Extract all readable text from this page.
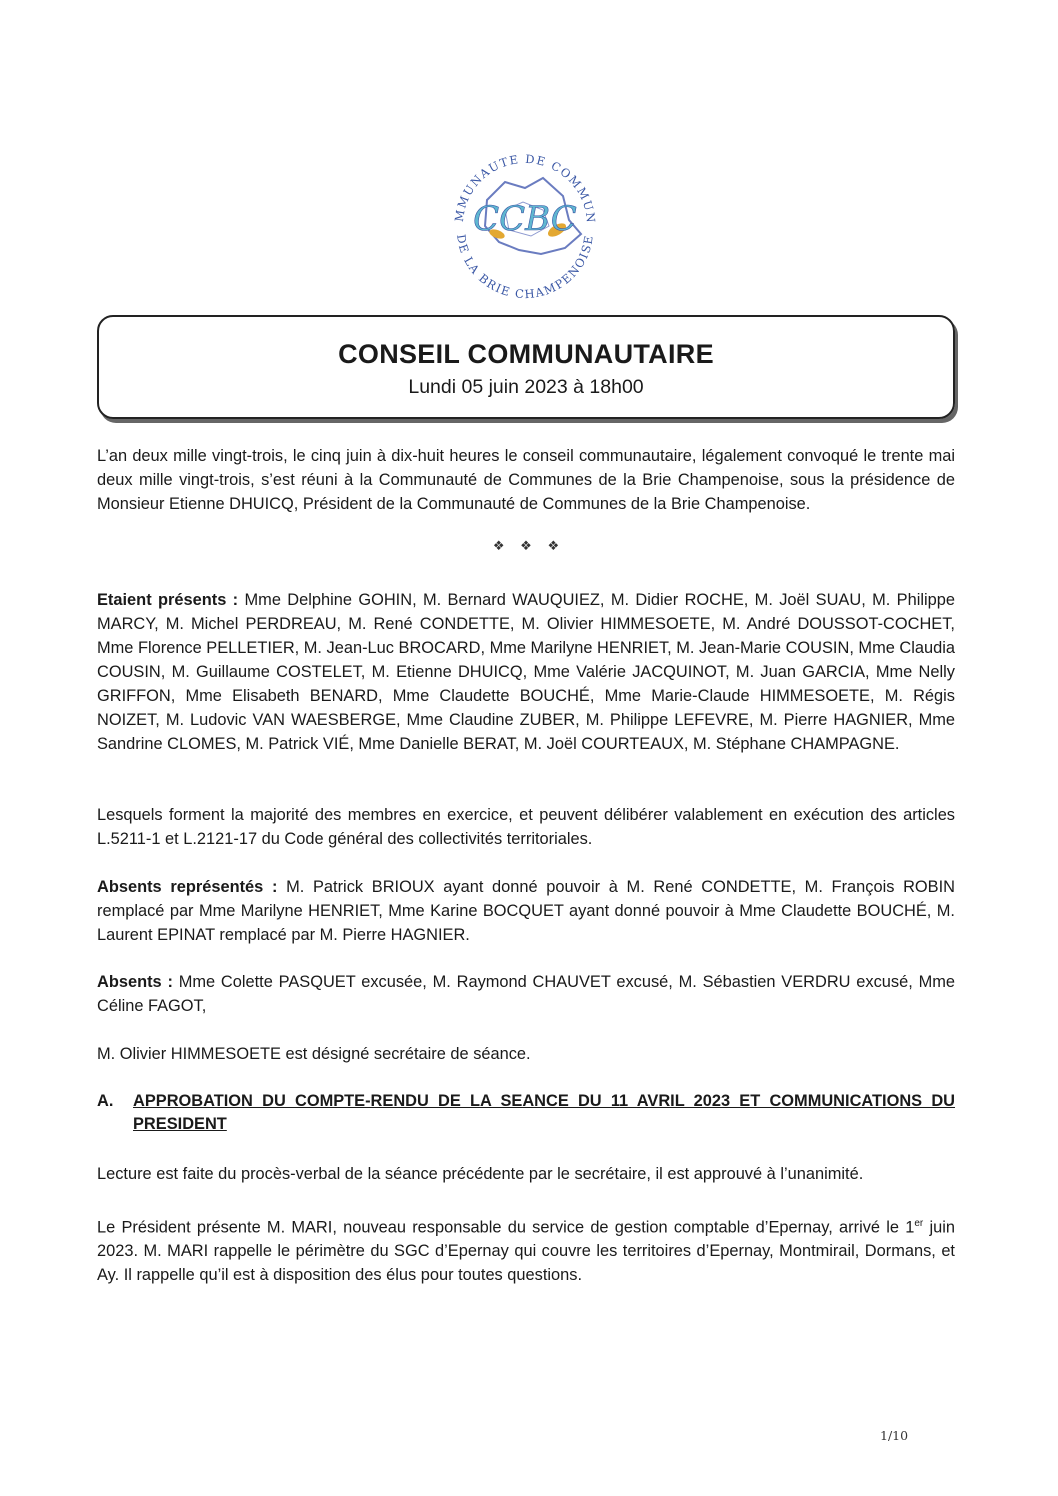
CCBC
MMUNAUTE DE COMMUN
DE LA BRIE CHAMPENOISE
CONSEIL COMMUNAUTAIRE
Lundi 05 juin 2023 à 18h00

L’an deux mille vingt-trois, le cinq juin à dix-huit heures le conseil communautaire, légalement convoqué le trente mai deux mille vingt-trois, s’est réuni à la Communauté de Communes de la Brie Champenoise, sous la présidence de Monsieur Etienne DHUICQ, Président de la Communauté de Communes de la Brie Champenoise.

❖ ❖ ❖

Etaient présents : Mme Delphine GOHIN, M. Bernard WAUQUIEZ, M. Didier ROCHE, M. Joël SUAU, M. Philippe MARCY, M. Michel PERDREAU, M. René CONDETTE, M. Olivier HIMMESOETE, M. André DOUSSOT-COCHET, Mme Florence PELLETIER, M. Jean-Luc BROCARD, Mme Marilyne HENRIET, M. Jean-Marie COUSIN, Mme Claudia COUSIN, M. Guillaume COSTELET, M. Etienne DHUICQ, Mme Valérie JACQUINOT, M. Juan GARCIA, Mme Nelly GRIFFON, Mme Elisabeth BENARD, Mme Claudette BOUCHÉ, Mme Marie-Claude HIMMESOETE, M. Régis NOIZET, M. Ludovic VAN WAESBERGE, Mme Claudine ZUBER, M. Philippe LEFEVRE, M. Pierre HAGNIER, Mme Sandrine CLOMES, M. Patrick VIÉ, Mme Danielle BERAT, M. Joël COURTEAUX, M. Stéphane CHAMPAGNE.

Lesquels forment la majorité des membres en exercice, et peuvent délibérer valablement en exécution des articles L.5211-1 et L.2121-17 du Code général des collectivités territoriales.

Absents représentés : M. Patrick BRIOUX ayant donné pouvoir à M. René CONDETTE, M. François ROBIN remplacé par Mme Marilyne HENRIET, Mme Karine BOCQUET ayant donné pouvoir à Mme Claudette BOUCHÉ, M. Laurent EPINAT remplacé par M. Pierre HAGNIER.

Absents : Mme Colette PASQUET excusée, M. Raymond CHAUVET excusé, M. Sébastien VERDRU excusé, Mme Céline FAGOT,

M. Olivier HIMMESOETE est désigné secrétaire de séance.

A. APPROBATION DU COMPTE-RENDU DE LA SEANCE DU 11 AVRIL 2023 ET COMMUNICATIONS DU PRESIDENT

Lecture est faite du procès-verbal de la séance précédente par le secrétaire, il est approuvé à l’unanimité.

Le Président présente M. MARI, nouveau responsable du service de gestion comptable d’Epernay, arrivé le 1er juin 2023. M. MARI rappelle le périmètre du SGC d’Epernay qui couvre les territoires d’Epernay, Montmirail, Dormans, et Ay. Il rappelle qu’il est à disposition des élus pour toutes questions.

1/10
